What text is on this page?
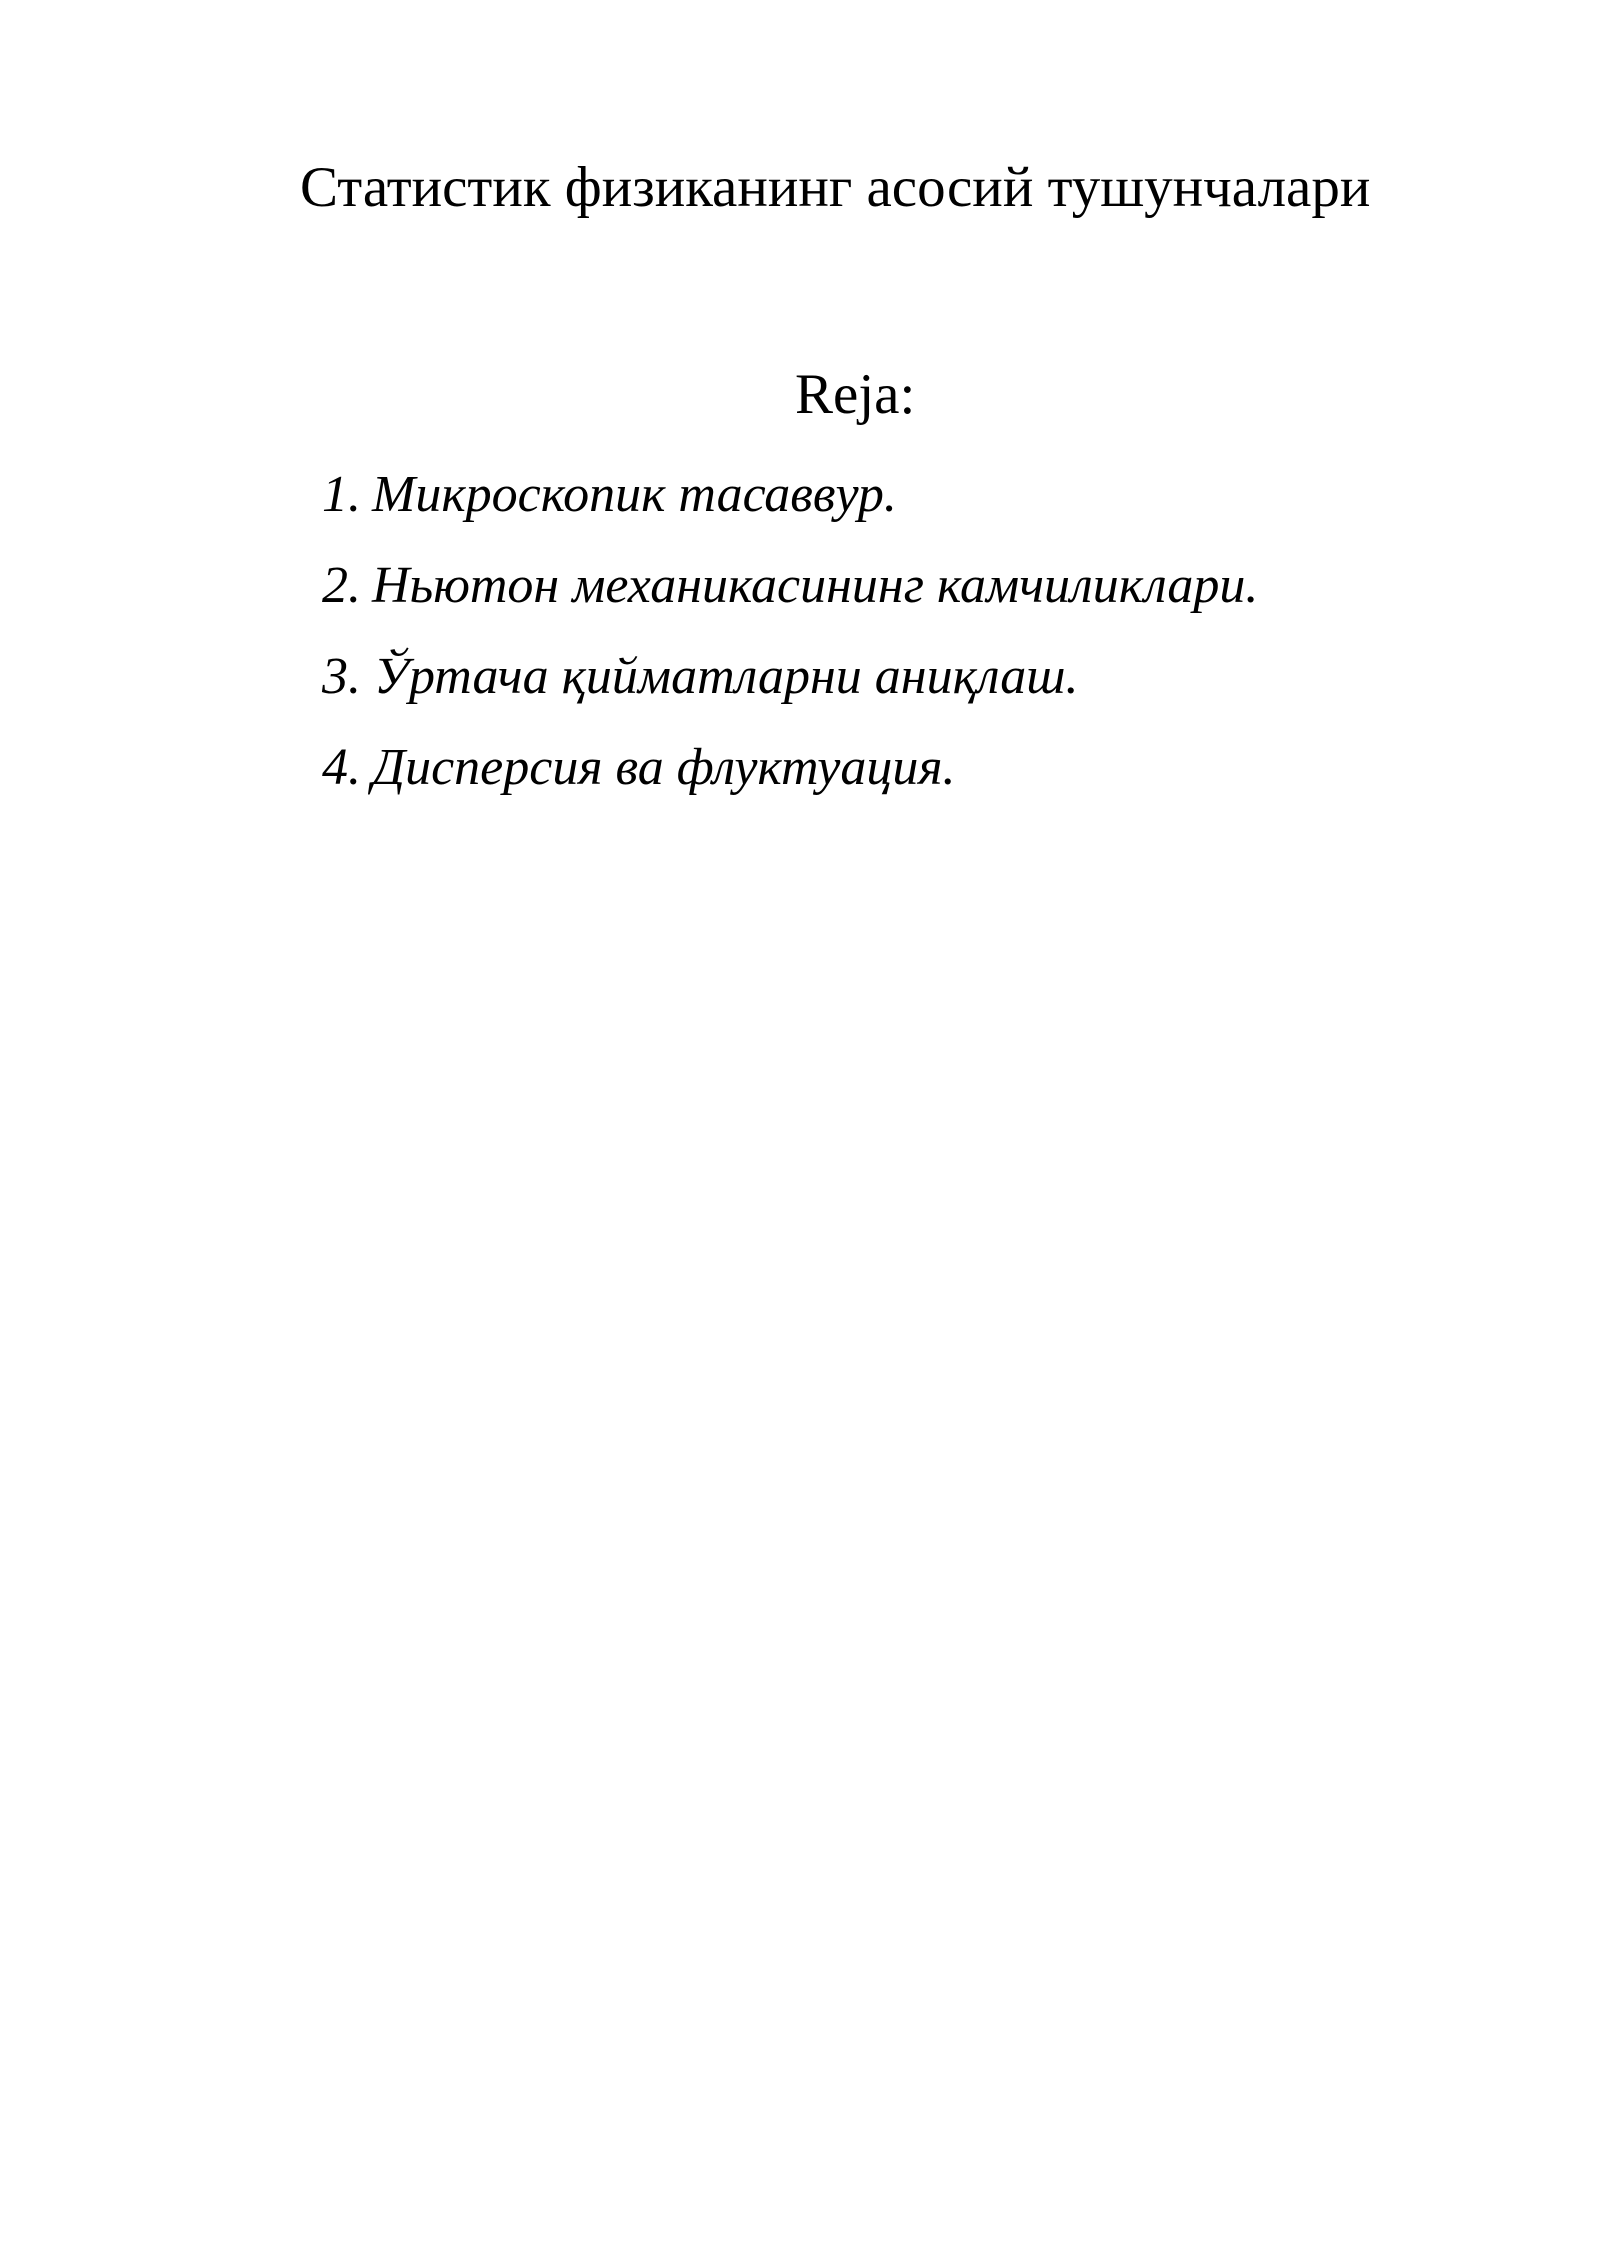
Статистик физиканинг асосий тушунчалари
Reja:
1. Микроскопик тасаввур.
2. Ньютон механикасининг камчиликлари.
3. Ўртача қийматларни аниқлаш.
4. Дисперсия ва флуктуация.
